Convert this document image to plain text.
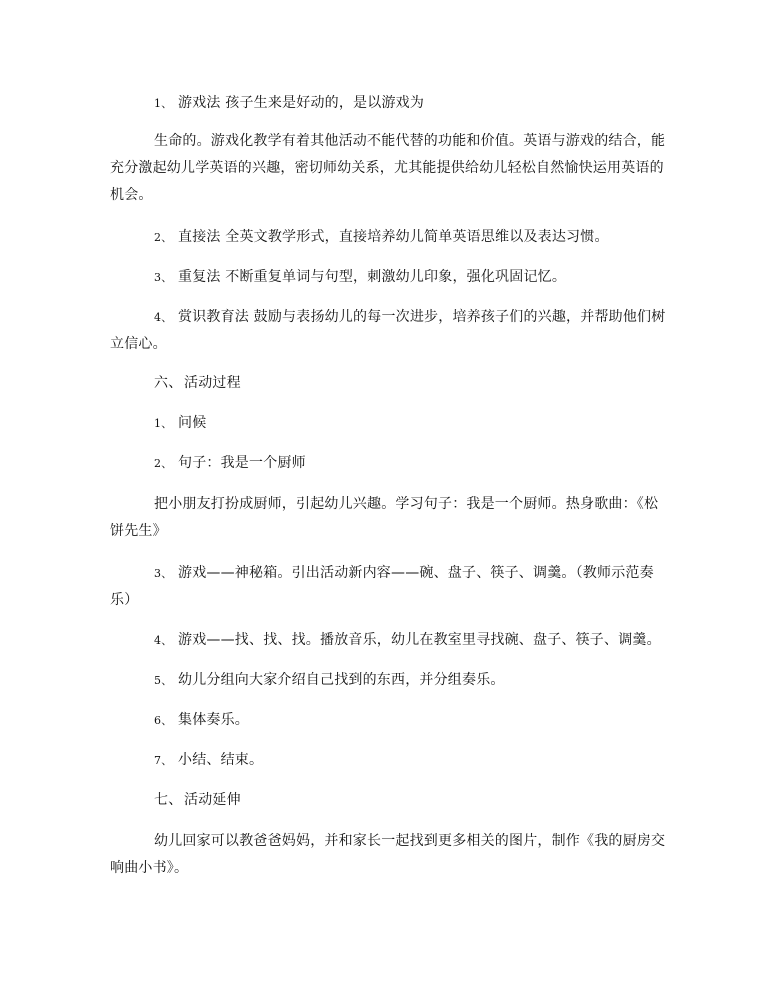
1、 游戏法 孩子生来是好动的，是以游戏为
生命的。游戏化教学有着其他活动不能代替的功能和价值。英语与游戏的结合，能
充分激起幼儿学英语的兴趣，密切师幼关系，尤其能提供给幼儿轻松自然愉快运用英语的
机会。
2、 直接法 全英文教学形式，直接培养幼儿简单英语思维以及表达习惯。
3、 重复法 不断重复单词与句型，刺激幼儿印象，强化巩固记忆。
4、 赏识教育法 鼓励与表扬幼儿的每一次进步，培养孩子们的兴趣，并帮助他们树
立信心。
六、 活动过程
1、 问候
2、 句子：我是一个厨师
把小朋友打扮成厨师，引起幼儿兴趣。学习句子：我是一个厨师。热身歌曲：《松
饼先生》
3、 游戏——神秘箱。引出活动新内容——碗、盘子、筷子、调羹。（教师示范奏
乐）
4、 游戏——找、找、找。播放音乐，幼儿在教室里寻找碗、盘子、筷子、调羹。
5、 幼儿分组向大家介绍自己找到的东西，并分组奏乐。
6、 集体奏乐。
7、 小结、结束。
七、 活动延伸
幼儿回家可以教爸爸妈妈，并和家长一起找到更多相关的图片，制作《我的厨房交
响曲小书》。
